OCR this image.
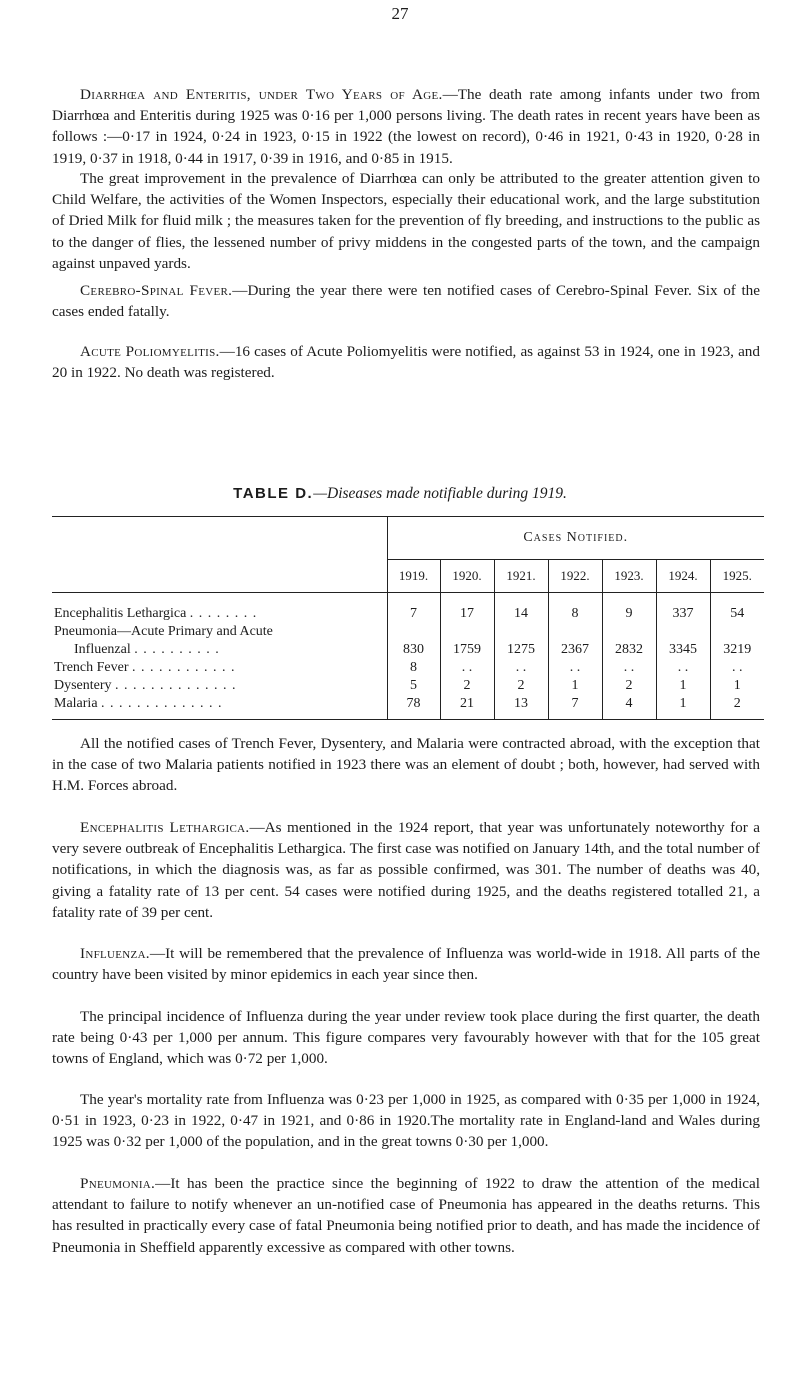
27

Diarrhœa and Enteritis, under Two Years of Age.—The death rate among infants under two from Diarrhœa and Enteritis during 1925 was 0·16 per 1,000 persons living. The death rates in recent years have been as follows :—0·17 in 1924, 0·24 in 1923, 0·15 in 1922 (the lowest on record), 0·46 in 1921, 0·43 in 1920, 0·28 in 1919, 0·37 in 1918, 0·44 in 1917, 0·39 in 1916, and 0·85 in 1915.

The great improvement in the prevalence of Diarrhœa can only be attributed to the greater attention given to Child Welfare, the activities of the Women Inspectors, especially their educational work, and the large substitution of Dried Milk for fluid milk ; the measures taken for the prevention of fly breeding, and instructions to the public as to the danger of flies, the lessened number of privy middens in the congested parts of the town, and the campaign against unpaved yards.

Cerebro-Spinal Fever.—During the year there were ten notified cases of Cerebro-Spinal Fever. Six of the cases ended fatally.

Acute Poliomyelitis.—16 cases of Acute Poliomyelitis were notified, as against 53 in 1924, one in 1923, and 20 in 1922. No death was registered.

TABLE D.—Diseases made notifiable during 1919.
	Cases Notified.						
	1919.	1920.	1921.	1922.	1923.	1924.	1925.

Encephalitis Lethargica . . . . . . . .	7	17	14	8	9	337	54
Pneumonia—Acute Primary and Acute							
Influenzal . . . . . . . . . .	830	1759	1275	2367	2832	3345	3219
Trench Fever . . . . . . . . . . . .	8	. .	. .	. .	. .	. .	. .
Dysentery . . . . . . . . . . . . . .	5	2	2	1	2	1	1
Malaria . . . . . . . . . . . . . .	78	21	13	7	4	1	2

All the notified cases of Trench Fever, Dysentery, and Malaria were contracted abroad, with the exception that in the case of two Malaria patients notified in 1923 there was an element of doubt ; both, however, had served with H.M. Forces abroad.

Encephalitis Lethargica.—As mentioned in the 1924 report, that year was unfortunately noteworthy for a very severe outbreak of Encephalitis Lethargica. The first case was notified on January 14th, and the total number of notifications, in which the diagnosis was, as far as possible confirmed, was 301. The number of deaths was 40, giving a fatality rate of 13 per cent. 54 cases were notified during 1925, and the deaths registered totalled 21, a fatality rate of 39 per cent.

Influenza.—It will be remembered that the prevalence of Influenza was world-wide in 1918. All parts of the country have been visited by minor epidemics in each year since then.

The principal incidence of Influenza during the year under review took place during the first quarter, the death rate being 0·43 per 1,000 per annum. This figure compares very favourably however with that for the 105 great towns of England, which was 0·72 per 1,000.

The year's mortality rate from Influenza was 0·23 per 1,000 in 1925, as compared with 0·35 per 1,000 in 1924, 0·51 in 1923, 0·23 in 1922, 0·47 in 1921, and 0·86 in 1920.The mortality rate in England-land and Wales during 1925 was 0·32 per 1,000 of the population, and in the great towns 0·30 per 1,000.

Pneumonia.—It has been the practice since the beginning of 1922 to draw the attention of the medical attendant to failure to notify whenever an un-notified case of Pneumonia has appeared in the deaths returns. This has resulted in practically every case of fatal Pneumonia being notified prior to death, and has made the incidence of Pneumonia in Sheffield apparently excessive as compared with other towns.
